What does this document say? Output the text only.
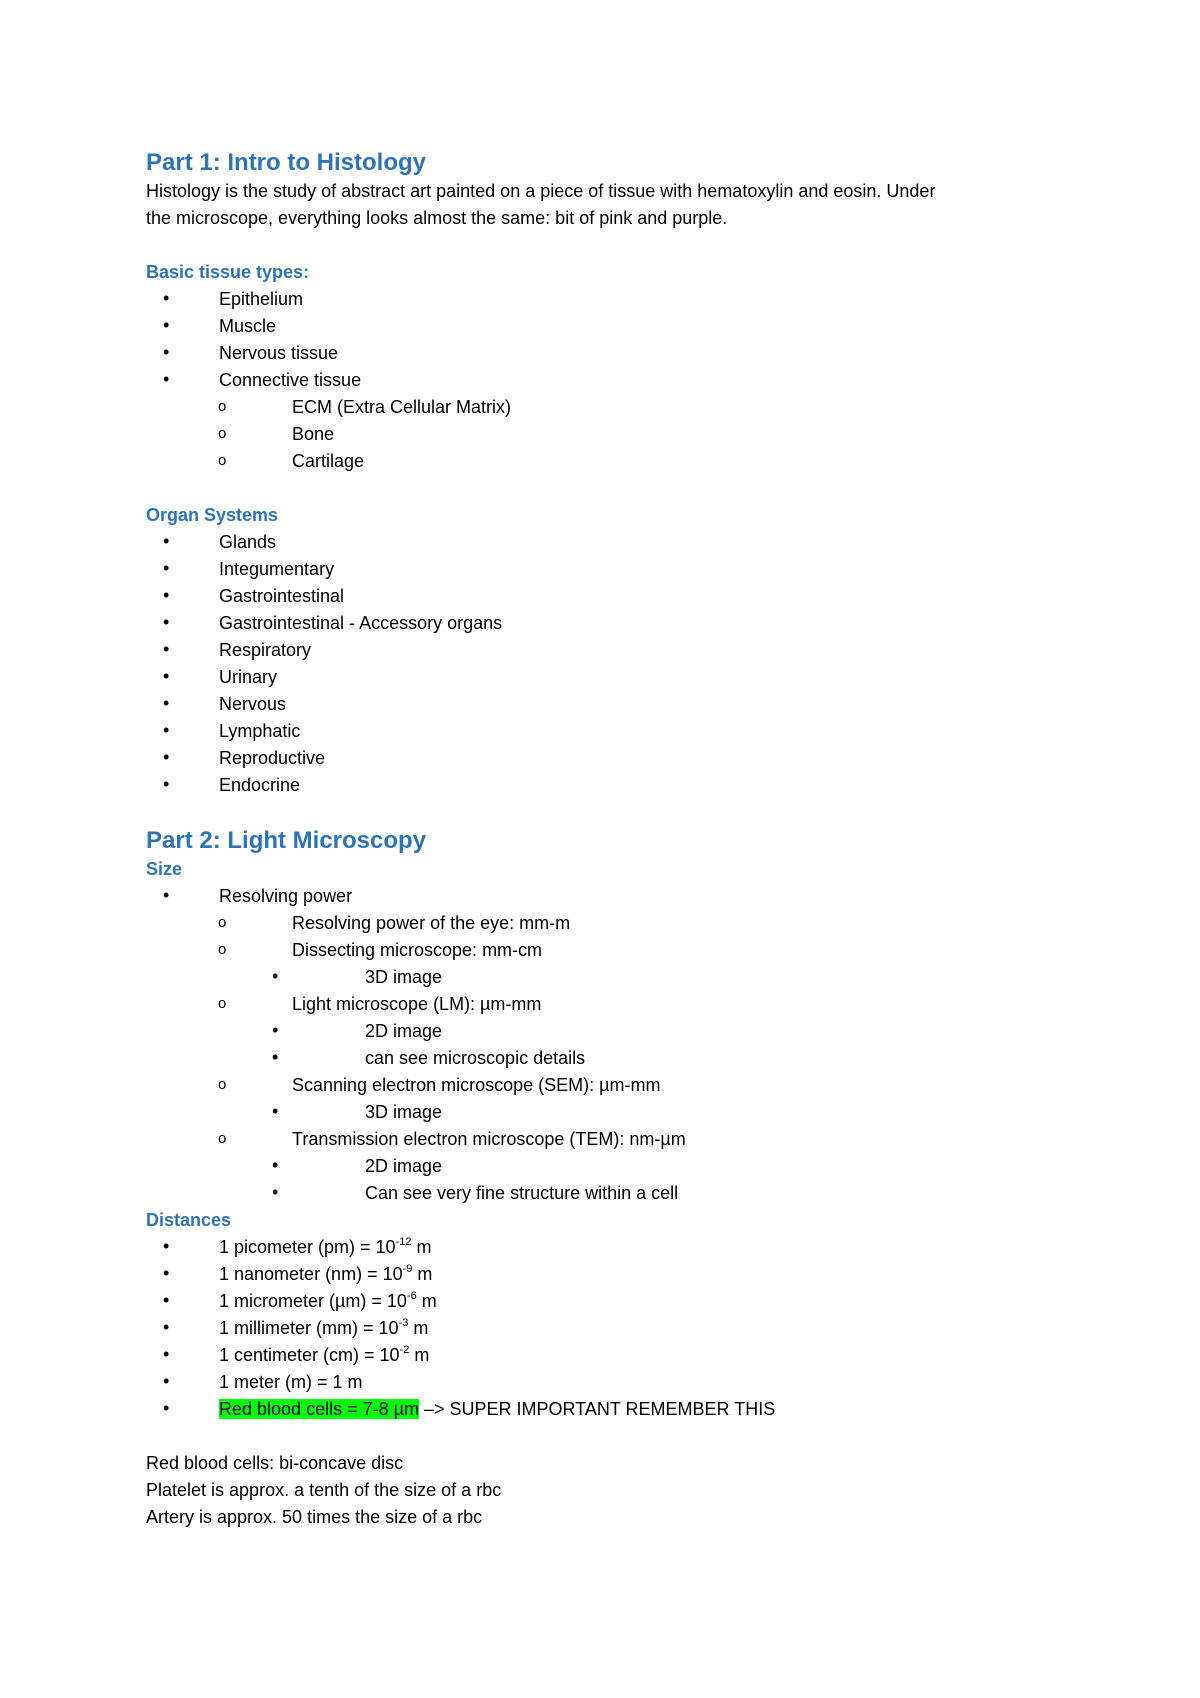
Part 1: Intro to Histology

Histology is the study of abstract art painted on a piece of tissue with hematoxylin and eosin. Under

the microscope, everything looks almost the same: bit of pink and purple.

Basic tissue types:
•	Epithelium
•	Muscle
•	Nervous tissue
•	Connective tissue
o	ECM (Extra Cellular Matrix)
o	Bone
o	Cartilage
Organ Systems
•	Glands
•	Integumentary
•	Gastrointestinal
•	Gastrointestinal - Accessory organs
•	Respiratory
•	Urinary
•	Nervous
•	Lymphatic
•	Reproductive
•	Endocrine
Part 2: Light Microscopy
Size
•	Resolving power
o	Resolving power of the eye: mm-m
o	Dissecting microscope: mm-cm
•	3D image
o	Light microscope (LM): µm-mm
•	2D image
•	can see microscopic details
o	Scanning electron microscope (SEM): µm-mm
•	3D image
o	Transmission electron microscope (TEM): nm-µm
•	2D image
•	Can see very fine structure within a cell
Distances
•	1 picometer $(pm) = 10^{-12}$ m
•	1 nanometer $(nm) = 10^{-9}$ m
•	1 micrometer $(\mu m) = 10^{-6}$ m
•	1 millimeter $(mm) = 10^{-3}$ m
•	1 centimeter $(cm) = 10^{-2}$ m
•	1 meter (m) = 1 m
•	Red blood cells = 7-8 µm –> SUPER IMPORTANT REMEMBER THIS

Red blood cells: bi-concave disc

Platelet is approx. a tenth of the size of a rbc

Artery is approx. 50 times the size of a rbc
